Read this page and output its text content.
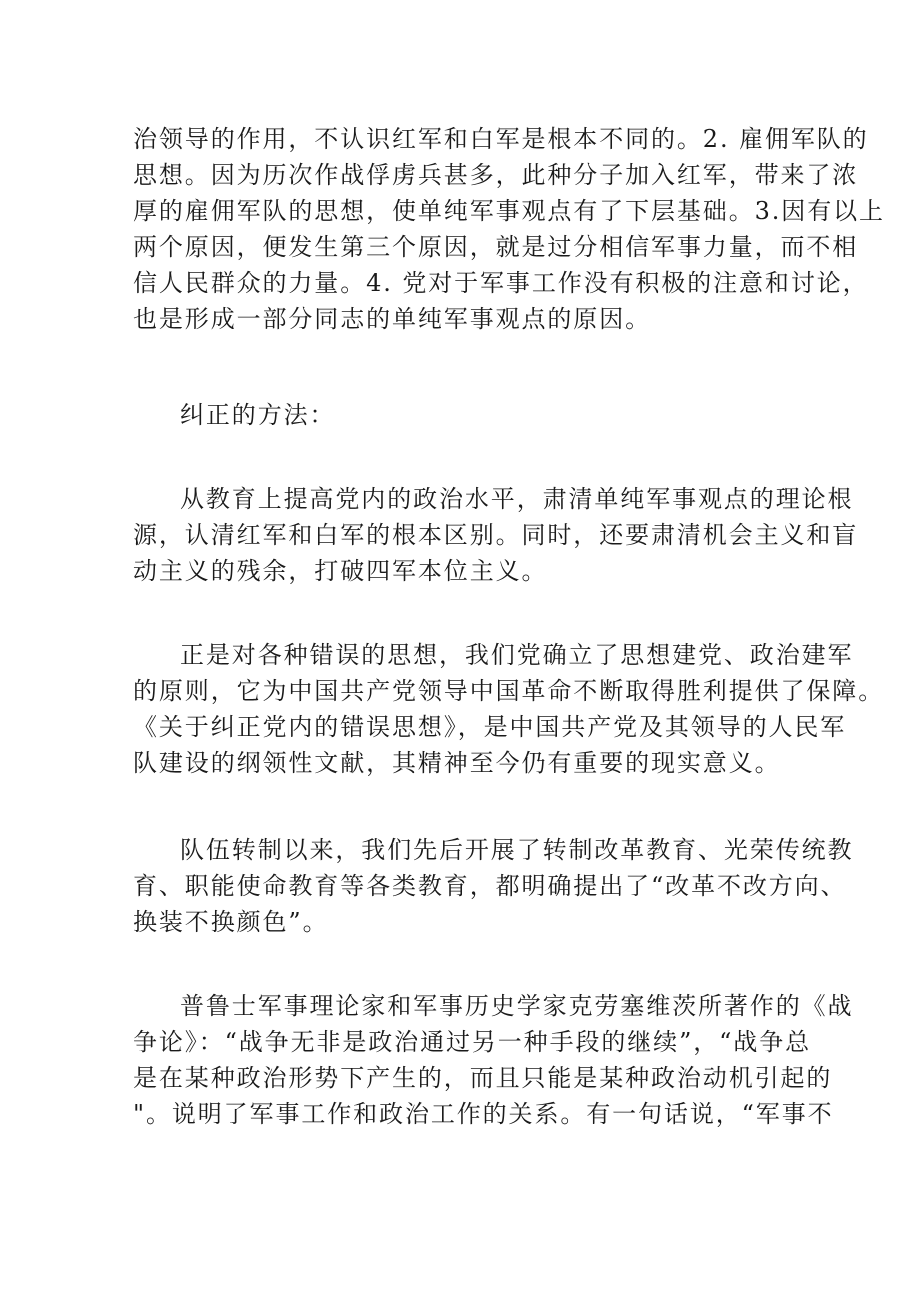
治领导的作用，不认识红军和白军是根本不同的。2. 雇佣军队的
思想。因为历次作战俘虏兵甚多，此种分子加入红军，带来了浓
厚的雇佣军队的思想，使单纯军事观点有了下层基础。3.因有以上
两个原因，便发生第三个原因，就是过分相信军事力量，而不相
信人民群众的力量。4. 党对于军事工作没有积极的注意和讨论，
也是形成一部分同志的单纯军事观点的原因。
纠正的方法：
从教育上提高党内的政治水平，肃清单纯军事观点的理论根
源，认清红军和白军的根本区别。同时，还要肃清机会主义和盲
动主义的残余，打破四军本位主义。
正是对各种错误的思想，我们党确立了思想建党、政治建军
的原则，它为中国共产党领导中国革命不断取得胜利提供了保障。
《关于纠正党内的错误思想》，是中国共产党及其领导的人民军
队建设的纲领性文献，其精神至今仍有重要的现实意义。
队伍转制以来，我们先后开展了转制改革教育、光荣传统教
育、职能使命教育等各类教育，都明确提出了“改革不改方向、
换装不换颜色”。
普鲁士军事理论家和军事历史学家克劳塞维茨所著作的《战
争论》：“战争无非是政治通过另一种手段的继续”，“战争总
是在某种政治形势下产生的，而且只能是某种政治动机引起的
"。说明了军事工作和政治工作的关系。有一句话说，“军事不
